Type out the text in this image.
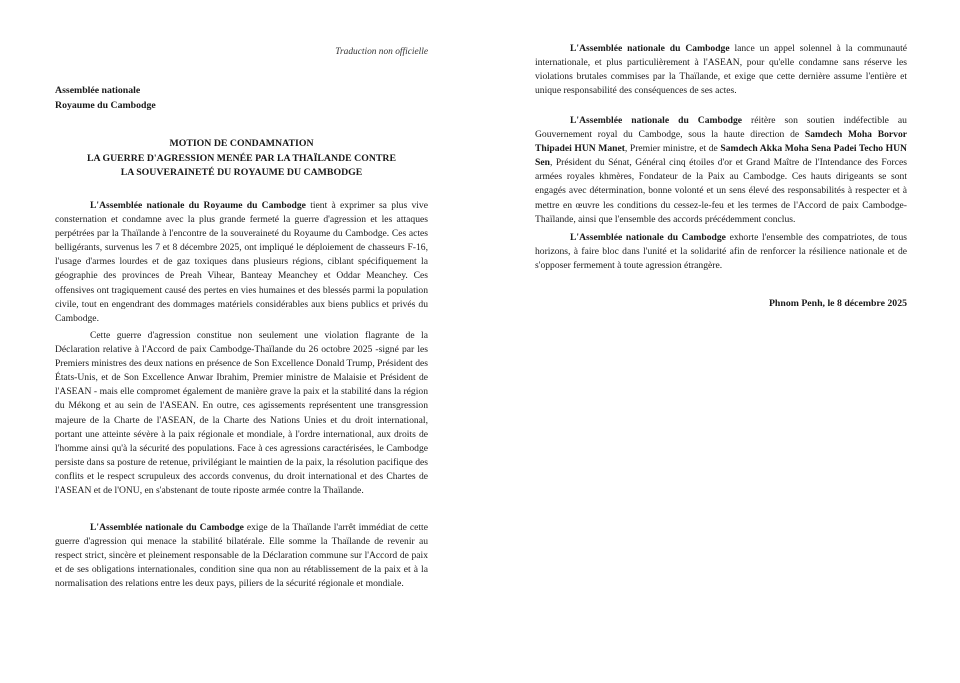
Traduction non officielle
Assemblée nationale
Royaume du Cambodge
MOTION DE CONDAMNATION
LA GUERRE D'AGRESSION MENÉE PAR LA THAÏLANDE CONTRE
LA SOUVERAINETÉ DU ROYAUME DU CAMBODGE

L'Assemblée nationale du Royaume du Cambodge tient à exprimer sa plus vive consternation et condamne avec la plus grande fermeté la guerre d'agression et les attaques perpétrées par la Thaïlande à l'encontre de la souveraineté du Royaume du Cambodge. Ces actes belligérants, survenus les 7 et 8 décembre 2025, ont impliqué le déploiement de chasseurs F-16, l'usage d'armes lourdes et de gaz toxiques dans plusieurs régions, ciblant spécifiquement la géographie des provinces de Preah Vihear, Banteay Meanchey et Oddar Meanchey. Ces offensives ont tragiquement causé des pertes en vies humaines et des blessés parmi la population civile, tout en engendrant des dommages matériels considérables aux biens publics et privés du Cambodge.

Cette guerre d'agression constitue non seulement une violation flagrante de la Déclaration relative à l'Accord de paix Cambodge-Thaïlande du 26 octobre 2025 -signé par les Premiers ministres des deux nations en présence de Son Excellence Donald Trump, Président des États-Unis, et de Son Excellence Anwar Ibrahim, Premier ministre de Malaisie et Président de l'ASEAN - mais elle compromet également de manière grave la paix et la stabilité dans la région du Mékong et au sein de l'ASEAN. En outre, ces agissements représentent une transgression majeure de la Charte de l'ASEAN, de la Charte des Nations Unies et du droit international, portant une atteinte sévère à la paix régionale et mondiale, à l'ordre international, aux droits de l'homme ainsi qu'à la sécurité des populations. Face à ces agressions caractérisées, le Cambodge persiste dans sa posture de retenue, privilégiant le maintien de la paix, la résolution pacifique des conflits et le respect scrupuleux des accords convenus, du droit international et des Chartes de l'ASEAN et de l'ONU, en s'abstenant de toute riposte armée contre la Thaïlande.

L'Assemblée nationale du Cambodge exige de la Thaïlande l'arrêt immédiat de cette guerre d'agression qui menace la stabilité bilatérale. Elle somme la Thaïlande de revenir au respect strict, sincère et pleinement responsable de la Déclaration commune sur l'Accord de paix et de ses obligations internationales, condition sine qua non au rétablissement de la paix et à la normalisation des relations entre les deux pays, piliers de la sécurité régionale et mondiale.

L'Assemblée nationale du Cambodge lance un appel solennel à la communauté internationale, et plus particulièrement à l'ASEAN, pour qu'elle condamne sans réserve les violations brutales commises par la Thaïlande, et exige que cette dernière assume l'entière et unique responsabilité des conséquences de ses actes.

L'Assemblée nationale du Cambodge réitère son soutien indéfectible au Gouvernement royal du Cambodge, sous la haute direction de Samdech Moha Borvor Thipadei HUN Manet, Premier ministre, et de Samdech Akka Moha Sena Padei Techo HUN Sen, Président du Sénat, Général cinq étoiles d'or et Grand Maître de l'Intendance des Forces armées royales khmères, Fondateur de la Paix au Cambodge. Ces hauts dirigeants se sont engagés avec détermination, bonne volonté et un sens élevé des responsabilités à respecter et à mettre en œuvre les conditions du cessez-le-feu et les termes de l'Accord de paix Cambodge-Thaïlande, ainsi que l'ensemble des accords précédemment conclus.

L'Assemblée nationale du Cambodge exhorte l'ensemble des compatriotes, de tous horizons, à faire bloc dans l'unité et la solidarité afin de renforcer la résilience nationale et de s'opposer fermement à toute agression étrangère.

Phnom Penh, le 8 décembre 2025
